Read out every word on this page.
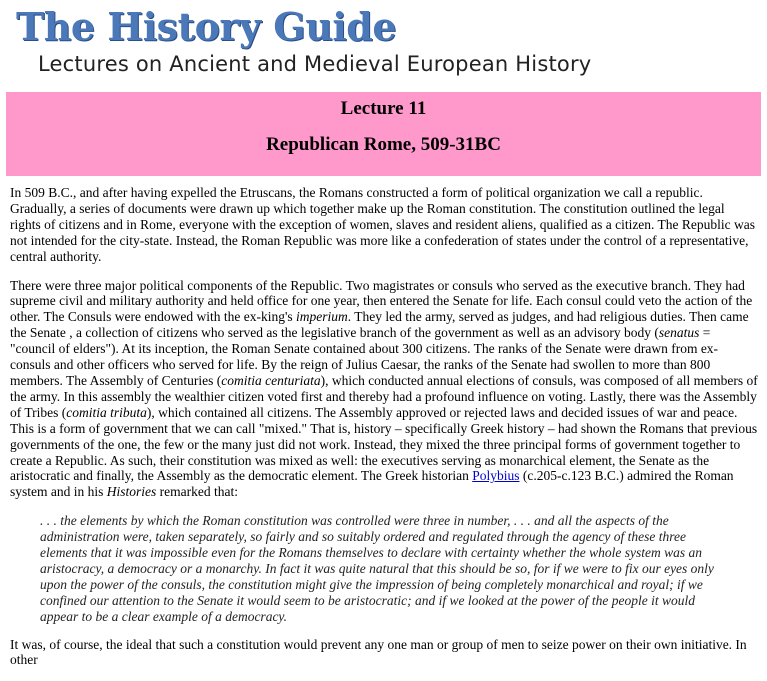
The History Guide
Lectures on Ancient and Medieval European History
Lecture 11
Republican Rome, 509-31BC

In 509 B.C., and after having expelled the Etruscans, the Romans constructed a form of political organization we call a republic. Gradually, a series of documents were drawn up which together make up the Roman constitution. The constitution outlined the legal rights of citizens and in Rome, everyone with the exception of women, slaves and resident aliens, qualified as a citizen. The Republic was not intended for the city-state. Instead, the Roman Republic was more like a confederation of states under the control of a representative, central authority.

There were three major political components of the Republic. Two magistrates or consuls who served as the executive branch. They had supreme civil and military authority and held office for one year, then entered the Senate for life. Each consul could veto the action of the other. The Consuls were endowed with the ex-king's imperium. They led the army, served as judges, and had religious duties. Then came the Senate , a collection of citizens who served as the legislative branch of the government as well as an advisory body (senatus = "council of elders"). At its inception, the Roman Senate contained about 300 citizens. The ranks of the Senate were drawn from ex-consuls and other officers who served for life. By the reign of Julius Caesar, the ranks of the Senate had swollen to more than 800 members. The Assembly of Centuries (comitia centuriata), which conducted annual elections of consuls, was composed of all members of the army. In this assembly the wealthier citizen voted first and thereby had a profound influence on voting. Lastly, there was the Assembly of Tribes (comitia tributa), which contained all citizens. The Assembly approved or rejected laws and decided issues of war and peace. This is a form of government that we can call "mixed." That is, history – specifically Greek history – had shown the Romans that previous governments of the one, the few or the many just did not work. Instead, they mixed the three principal forms of government together to create a Republic. As such, their constitution was mixed as well: the executives serving as monarchical element, the Senate as the aristocratic and finally, the Assembly as the democratic element. The Greek historian Polybius (c.205-c.123 B.C.) admired the Roman system and in his Histories remarked that:

. . . the elements by which the Roman constitution was controlled were three in number, . . . and all the aspects of the administration were, taken separately, so fairly and so suitably ordered and regulated through the agency of these three elements that it was impossible even for the Romans themselves to declare with certainty whether the whole system was an aristocracy, a democracy or a monarchy. In fact it was quite natural that this should be so, for if we were to fix our eyes only upon the power of the consuls, the constitution might give the impression of being completely monarchical and royal; if we confined our attention to the Senate it would seem to be aristocratic; and if we looked at the power of the people it would appear to be a clear example of a democracy.

It was, of course, the ideal that such a constitution would prevent any one man or group of men to seize power on their own initiative. In other
